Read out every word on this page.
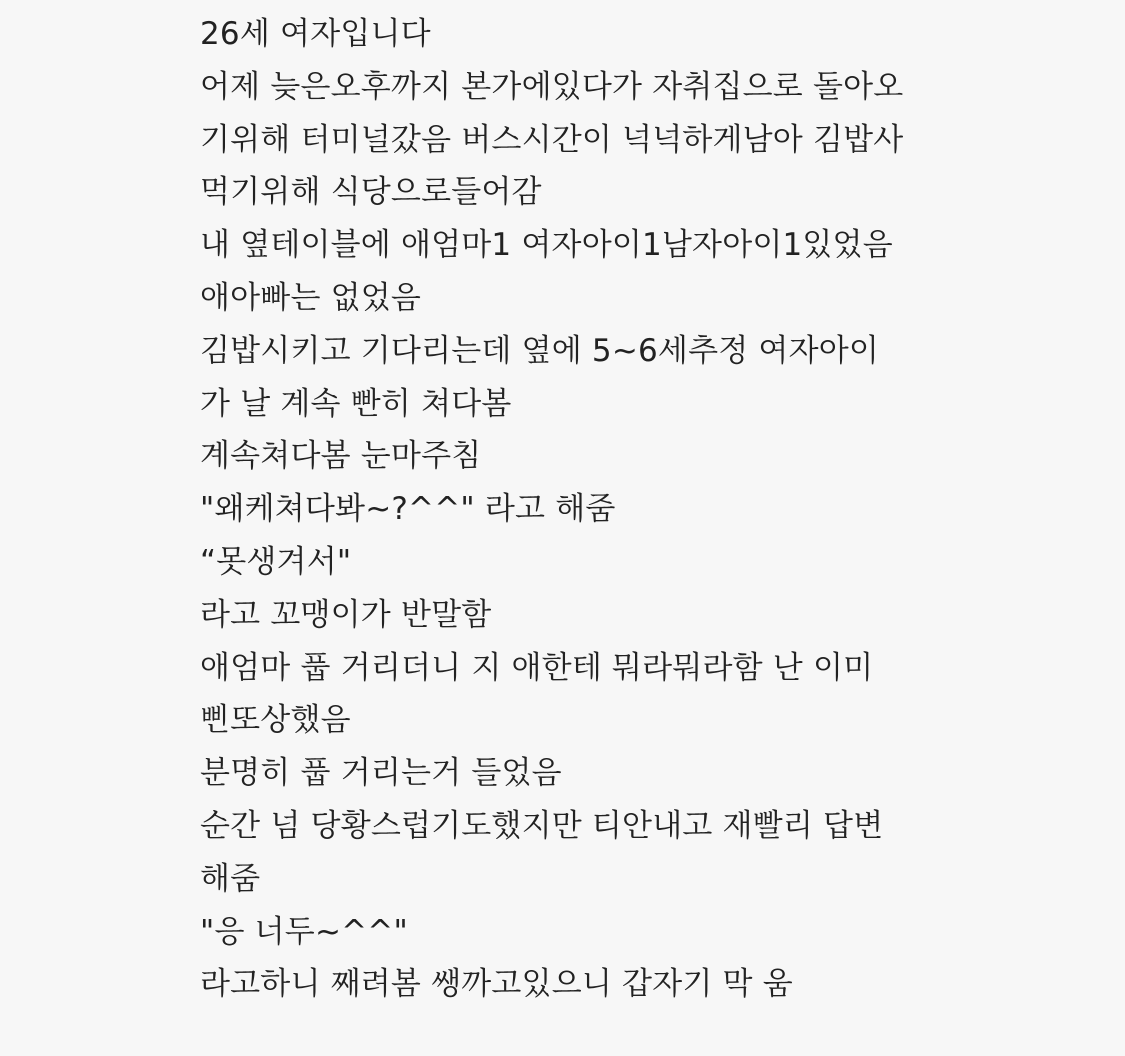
26세 여자입니다
어제 늦은오후까지 본가에있다가 자취집으로 돌아오
기위해 터미널갔음 버스시간이 넉넉하게남아 김밥사
먹기위해 식당으로들어감
내 옆테이블에 애엄마1 여자아이1남자아이1있었음
애아빠는 없었음
김밥시키고 기다리는데 옆에 5~6세추정 여자아이
가 날 계속 빤히 쳐다봄
계속쳐다봄 눈마주침
"왜케쳐다봐~?^^" 라고 해줌
“못생겨서"
라고 꼬맹이가 반말함
애엄마 풉 거리더니 지 애한테 뭐라뭐라함 난 이미
삔또상했음
분명히 풉 거리는거 들었음
순간 넘 당황스럽기도했지만 티안내고 재빨리 답변
해줌
"응 너두~^^"
라고하니 째려봄 쌩까고있으니 갑자기 막 움
